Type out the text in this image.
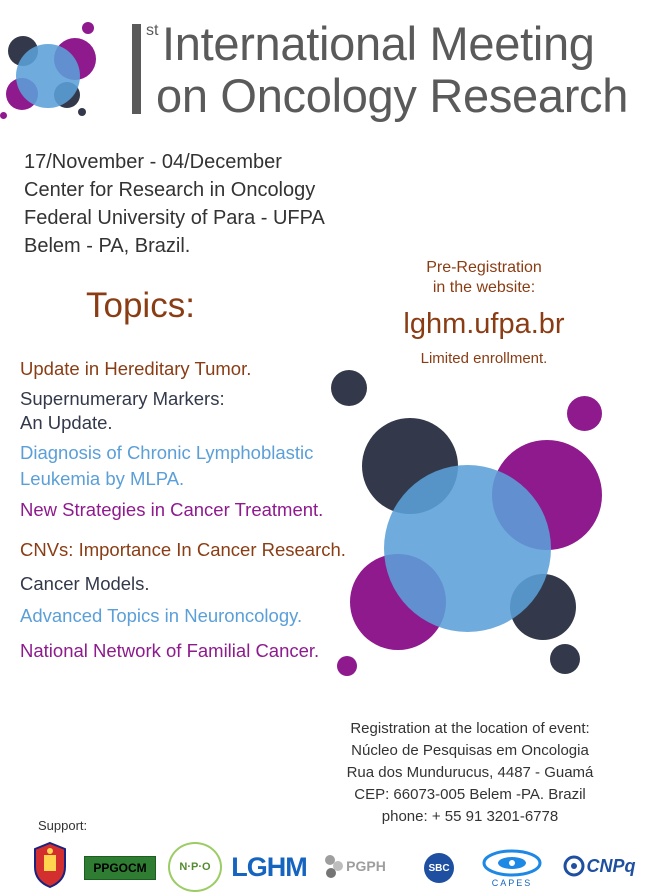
st International Meeting
on Oncology Research
17/November - 04/December
Center for Research in Oncology
Federal University of Para - UFPA
Belem - PA, Brazil.
Pre-Registration
in the website:
lghm.ufpa.br
Limited enrollment.
Topics:
Update in Hereditary Tumor.
Supernumerary Markers:
An Update.
Diagnosis of Chronic Lymphoblastic
Leukemia by MLPA.
New Strategies in Cancer Treatment.
CNVs: Importance In Cancer Research.
Cancer Models.
Advanced Topics in Neuroncology.
National Network of Familial Cancer.
Registration at the location of event:
Núcleo de Pesquisas em Oncologia
Rua dos Mundurucus, 4487 - Guamá
CEP: 66073-005 Belem -PA. Brazil
phone: + 55 91 3201-6778
Support:
PPGOCM	N·P·O LGHM	PGPH	SBC
CAPES
CNPq
